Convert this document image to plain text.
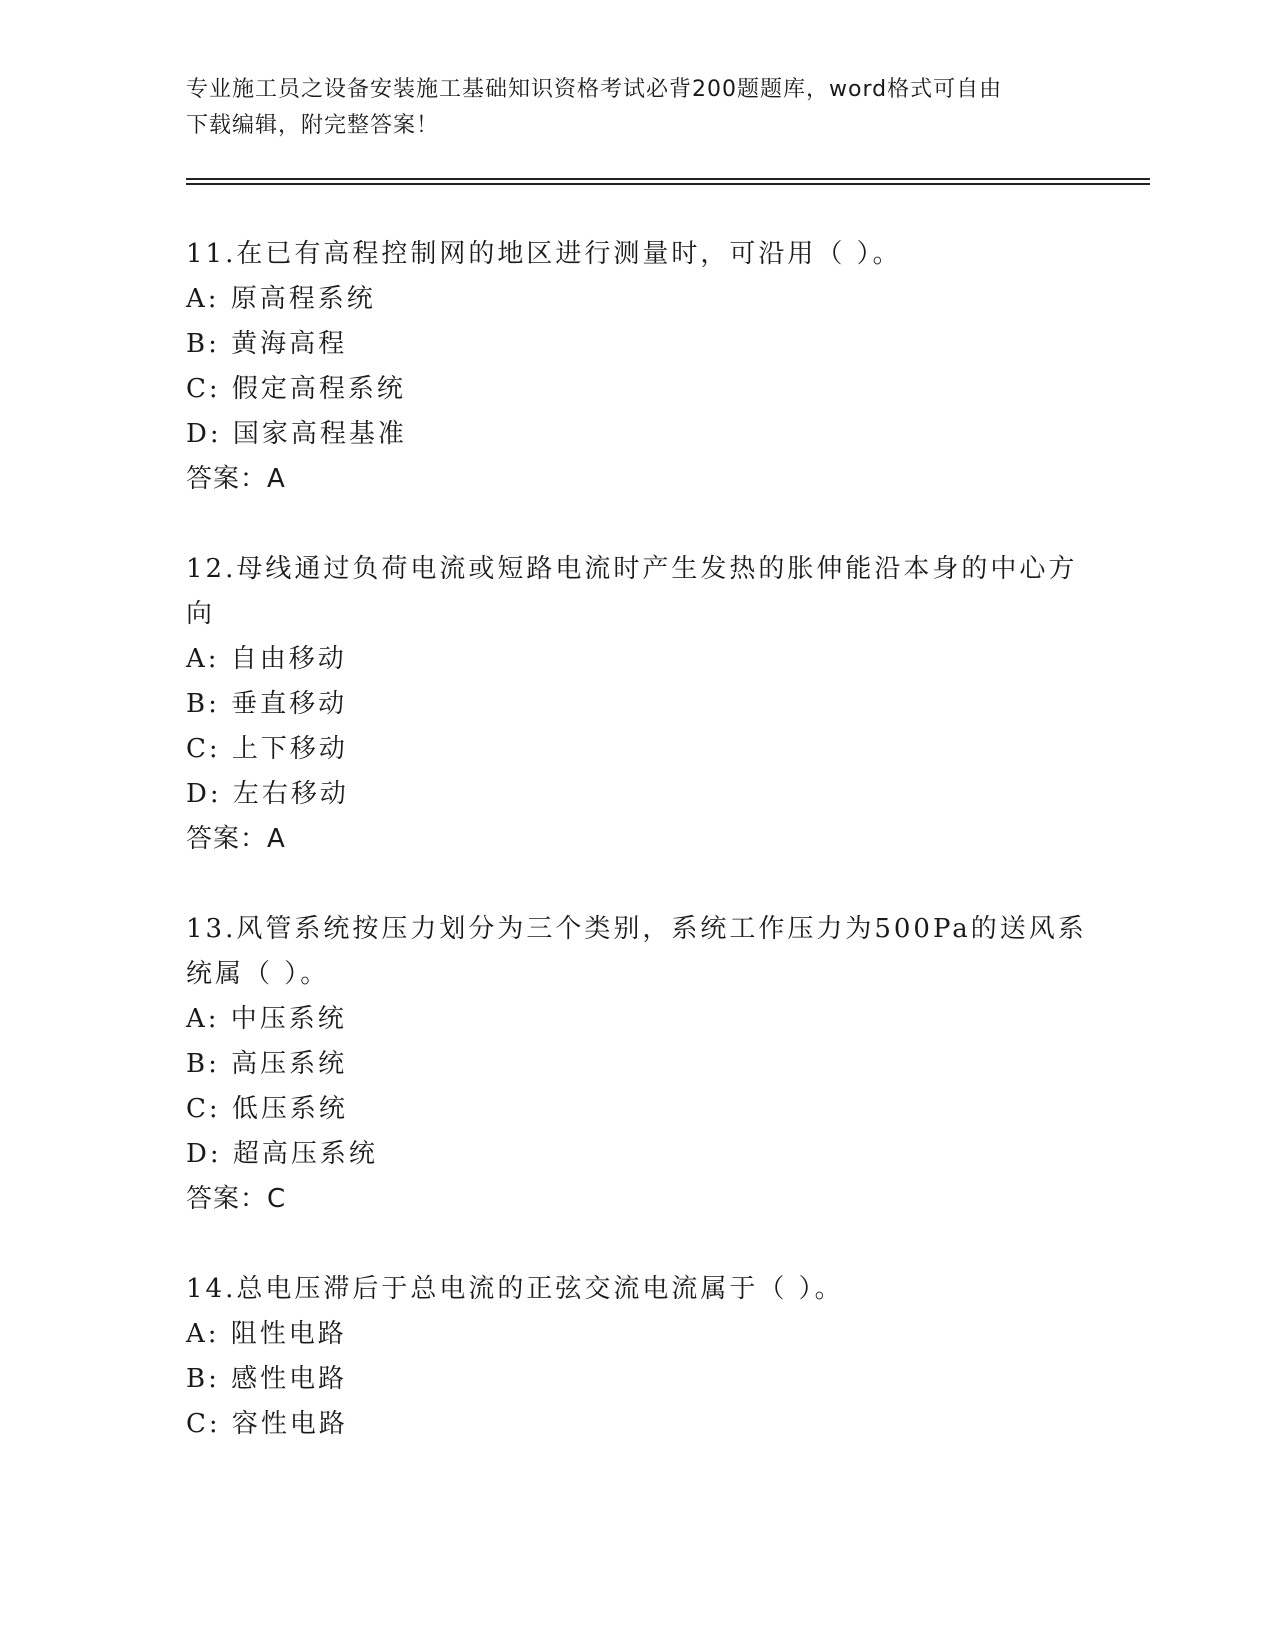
专业施工员之设备安装施工基础知识资格考试必背200题题库，word格式可自由
下载编辑，附完整答案！
11.在已有高程控制网的地区进行测量时，可沿用（ ）。
A: 原高程系统
B: 黄海高程
C: 假定高程系统
D: 国家高程基准
答案：A
12.母线通过负荷电流或短路电流时产生发热的胀伸能沿本身的中心方
向
A: 自由移动
B: 垂直移动
C: 上下移动
D: 左右移动
答案：A
13.风管系统按压力划分为三个类别，系统工作压力为500Pa的送风系
统属（ ）。
A: 中压系统
B: 高压系统
C: 低压系统
D: 超高压系统
答案：C
14.总电压滞后于总电流的正弦交流电流属于（ ）。
A: 阻性电路
B: 感性电路
C: 容性电路
